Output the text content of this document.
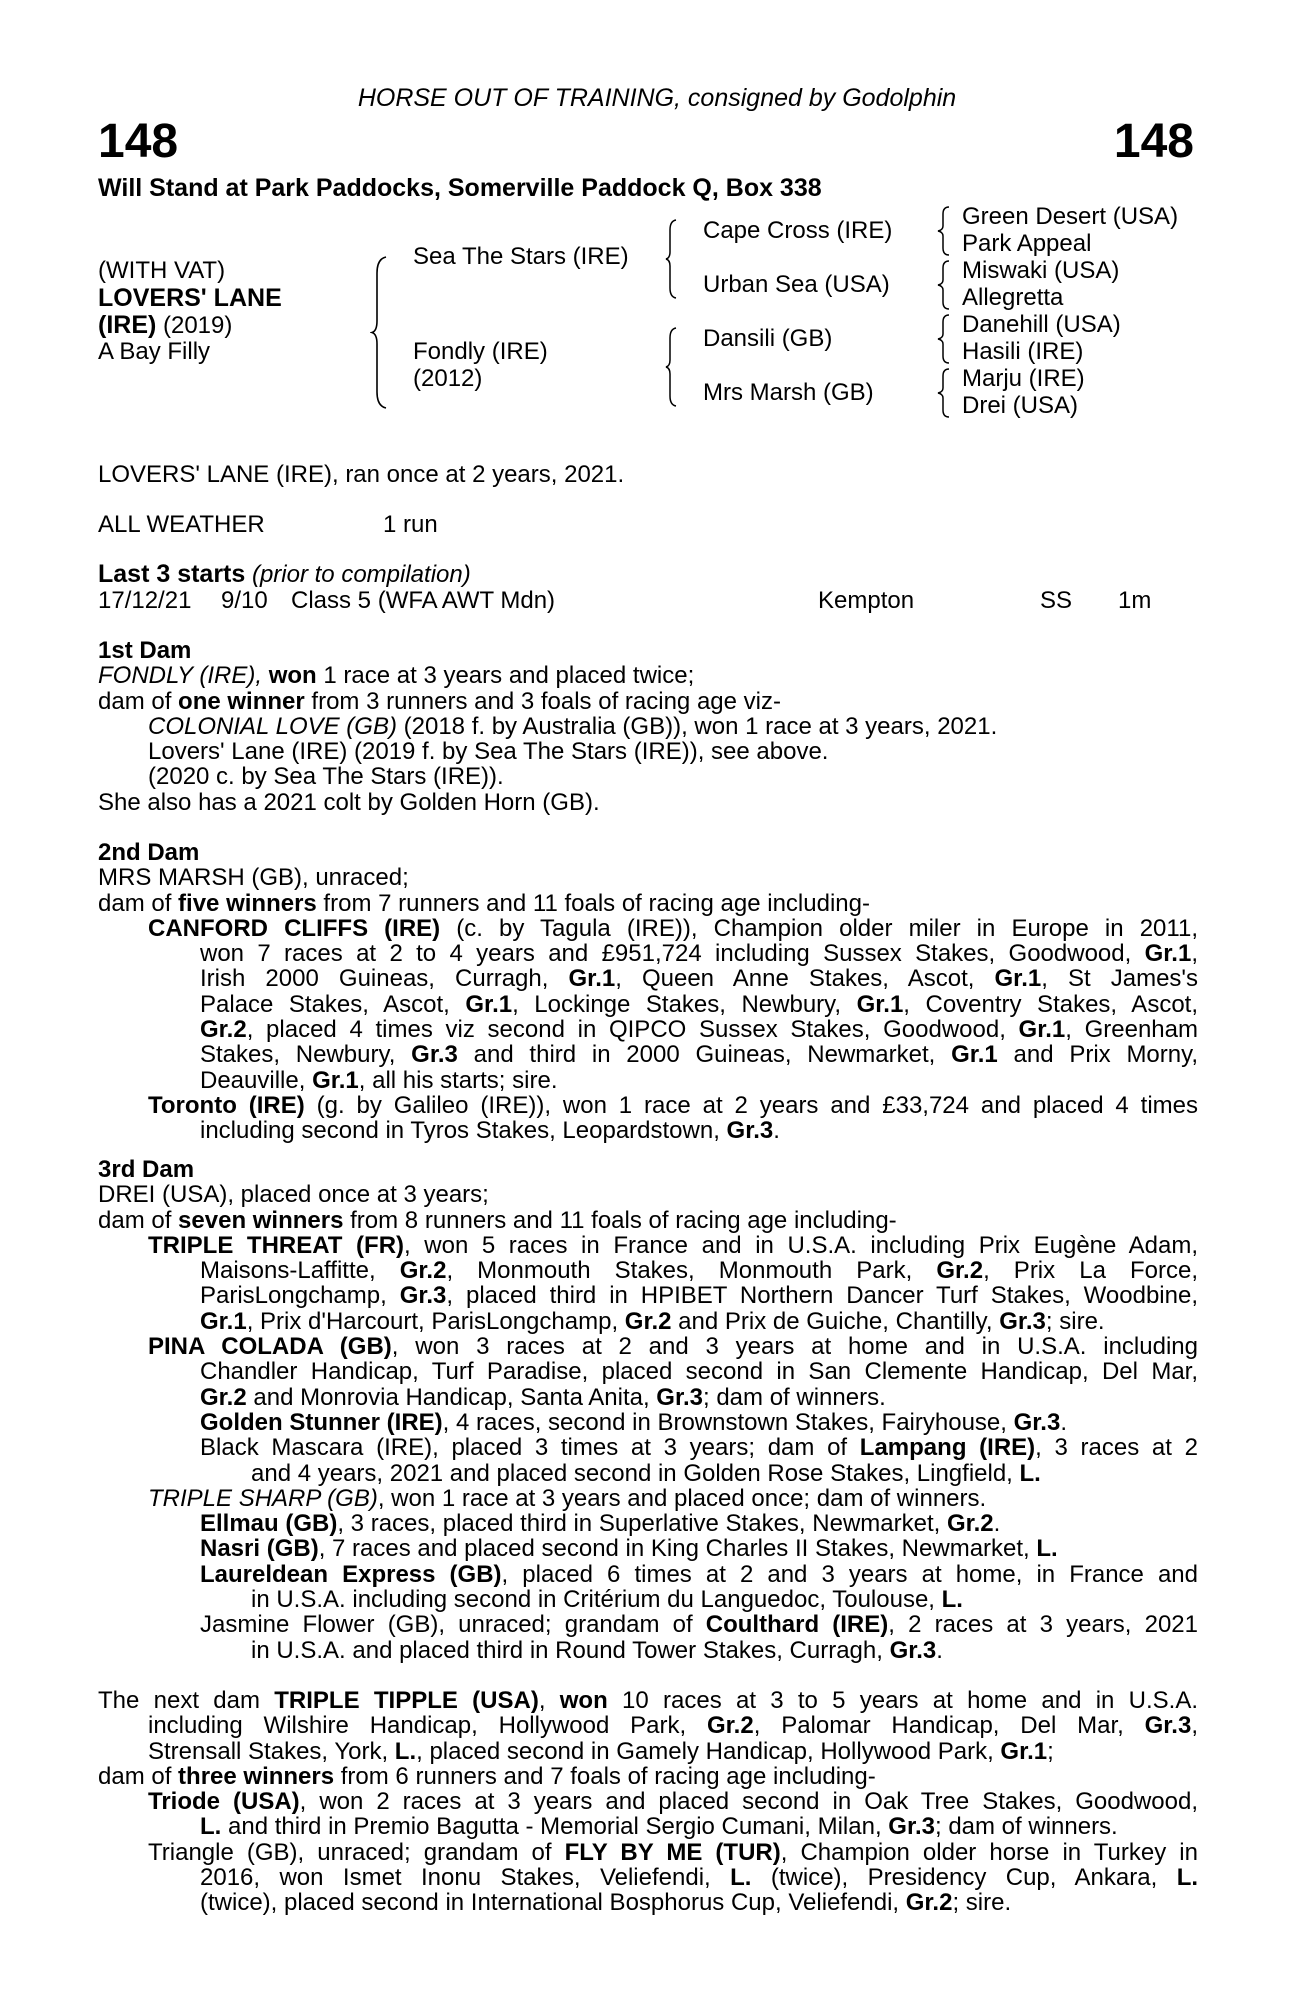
HORSE OUT OF TRAINING, consigned by Godolphin
148	148
Will Stand at Park Paddocks, Somerville Paddock Q, Box 338
(WITH VAT)
LOVERS' LANE
(IRE) (2019)
A Bay Filly
Sea The Stars (IRE)
Fondly (IRE)
(2012)
Cape Cross (IRE)
Urban Sea (USA)
Dansili (GB)
Mrs Marsh (GB)
Green Desert (USA)
Park Appeal
Miswaki (USA)
Allegretta
Danehill (USA)
Hasili (IRE)
Marju (IRE)
Drei (USA)
LOVERS' LANE (IRE), ran once at 2 years, 2021.
ALL WEATHER	1 run
Last 3 starts (prior to compilation)
17/12/21 9/10 Class 5 (WFA AWT Mdn)	Kempton	SS 1m
1st Dam
FONDLY (IRE), won 1 race at 3 years and placed twice;
dam of one winner from 3 runners and 3 foals of racing age viz-
COLONIAL LOVE (GB) (2018 f. by Australia (GB)), won 1 race at 3 years, 2021.
Lovers' Lane (IRE) (2019 f. by Sea The Stars (IRE)), see above.
(2020 c. by Sea The Stars (IRE)).
She also has a 2021 colt by Golden Horn (GB).
2nd Dam
MRS MARSH (GB), unraced;
dam of five winners from 7 runners and 11 foals of racing age including-
CANFORD CLIFFS (IRE) (c. by Tagula (IRE)), Champion older miler in Europe in 2011,
won 7 races at 2 to 4 years and £951,724 including Sussex Stakes, Goodwood, Gr.1,
Irish 2000 Guineas, Curragh, Gr.1, Queen Anne Stakes, Ascot, Gr.1, St James's
Palace Stakes, Ascot, Gr.1, Lockinge Stakes, Newbury, Gr.1, Coventry Stakes, Ascot,
Gr.2, placed 4 times viz second in QIPCO Sussex Stakes, Goodwood, Gr.1, Greenham
Stakes, Newbury, Gr.3 and third in 2000 Guineas, Newmarket, Gr.1 and Prix Morny,
Deauville, Gr.1, all his starts; sire.
Toronto (IRE) (g. by Galileo (IRE)), won 1 race at 2 years and £33,724 and placed 4 times
including second in Tyros Stakes, Leopardstown, Gr.3.
3rd Dam
DREI (USA), placed once at 3 years;
dam of seven winners from 8 runners and 11 foals of racing age including-
TRIPLE THREAT (FR), won 5 races in France and in U.S.A. including Prix Eugène Adam,
Maisons-Laffitte, Gr.2, Monmouth Stakes, Monmouth Park, Gr.2, Prix La Force,
ParisLongchamp, Gr.3, placed third in HPIBET Northern Dancer Turf Stakes, Woodbine,
Gr.1, Prix d'Harcourt, ParisLongchamp, Gr.2 and Prix de Guiche, Chantilly, Gr.3; sire.
PINA COLADA (GB), won 3 races at 2 and 3 years at home and in U.S.A. including
Chandler Handicap, Turf Paradise, placed second in San Clemente Handicap, Del Mar,
Gr.2 and Monrovia Handicap, Santa Anita, Gr.3; dam of winners.
Golden Stunner (IRE), 4 races, second in Brownstown Stakes, Fairyhouse, Gr.3.
Black Mascara (IRE), placed 3 times at 3 years; dam of Lampang (IRE), 3 races at 2
and 4 years, 2021 and placed second in Golden Rose Stakes, Lingfield, L.
TRIPLE SHARP (GB), won 1 race at 3 years and placed once; dam of winners.
Ellmau (GB), 3 races, placed third in Superlative Stakes, Newmarket, Gr.2.
Nasri (GB), 7 races and placed second in King Charles II Stakes, Newmarket, L.
Laureldean Express (GB), placed 6 times at 2 and 3 years at home, in France and
in U.S.A. including second in Critérium du Languedoc, Toulouse, L.
Jasmine Flower (GB), unraced; grandam of Coulthard (IRE), 2 races at 3 years, 2021
in U.S.A. and placed third in Round Tower Stakes, Curragh, Gr.3.
The next dam TRIPLE TIPPLE (USA), won 10 races at 3 to 5 years at home and in U.S.A.
including Wilshire Handicap, Hollywood Park, Gr.2, Palomar Handicap, Del Mar, Gr.3,
Strensall Stakes, York, L., placed second in Gamely Handicap, Hollywood Park, Gr.1;
dam of three winners from 6 runners and 7 foals of racing age including-
Triode (USA), won 2 races at 3 years and placed second in Oak Tree Stakes, Goodwood,
L. and third in Premio Bagutta - Memorial Sergio Cumani, Milan, Gr.3; dam of winners.
Triangle (GB), unraced; grandam of FLY BY ME (TUR), Champion older horse in Turkey in
2016, won Ismet Inonu Stakes, Veliefendi, L. (twice), Presidency Cup, Ankara, L.
(twice), placed second in International Bosphorus Cup, Veliefendi, Gr.2; sire.
